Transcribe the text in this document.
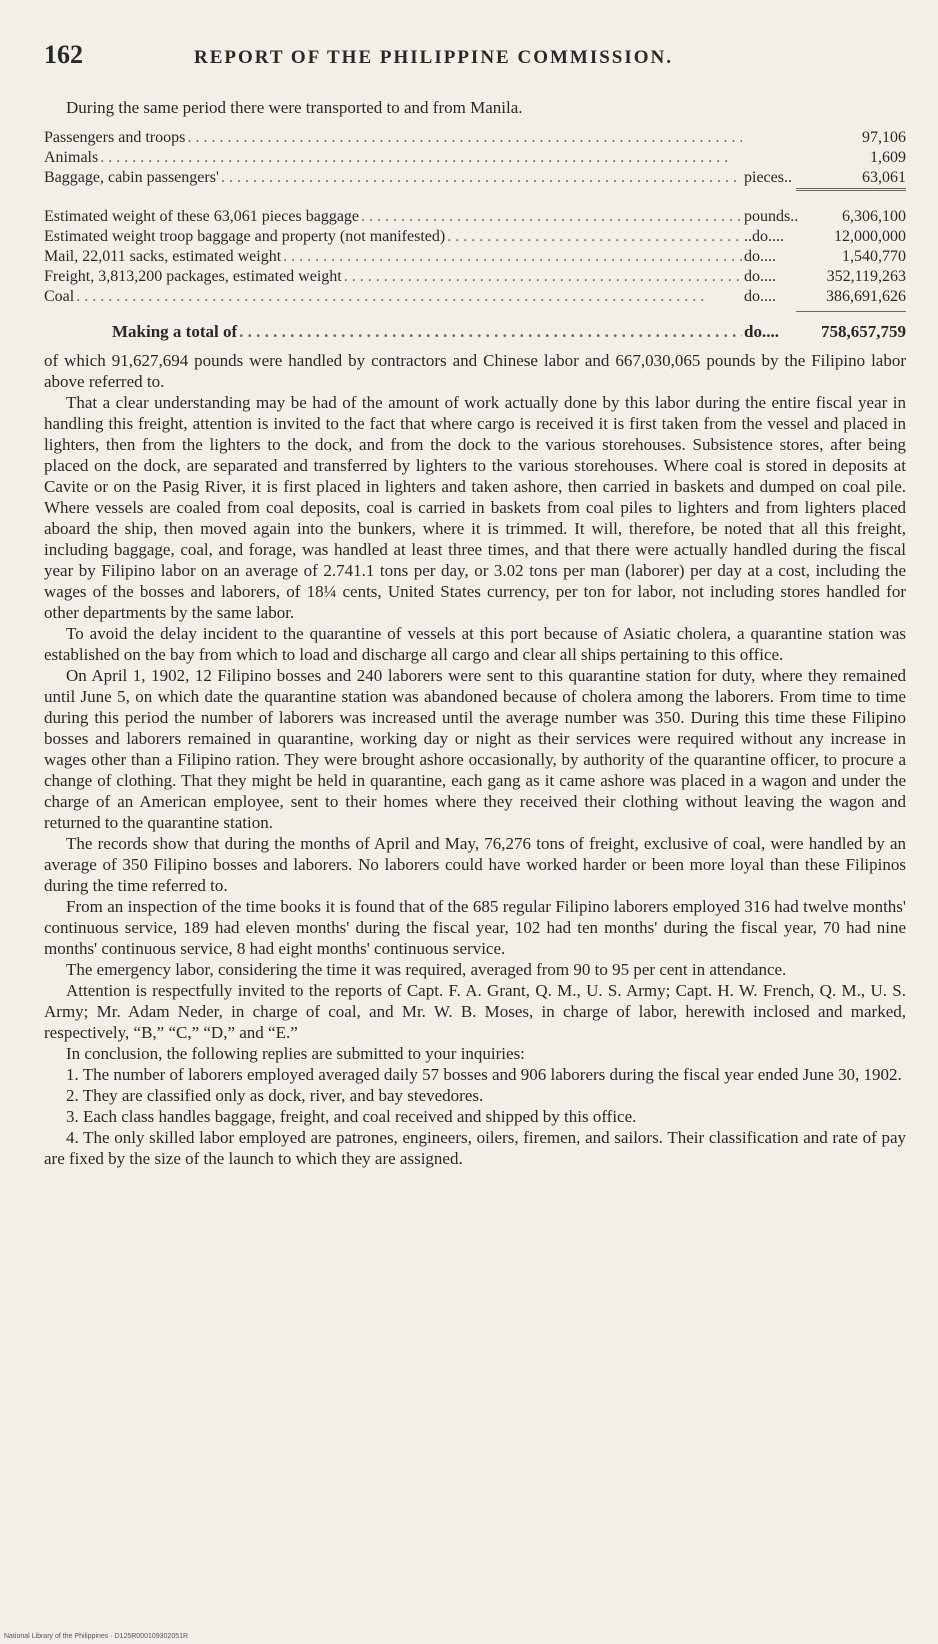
162	REPORT OF THE PHILIPPINE COMMISSION.
During the same period there were transported to and from Manila.
Passengers and troops . . .	97,106
Animals . . .	1,609
Baggage, cabin passengers' . . .	pieces..	63,061
Estimated weight of these 63,061 pieces baggage . . .	pounds..	6,306,100
Estimated weight troop baggage and property (not manifested) . . .	..do....	12,000,000
Mail, 22,011 sacks, estimated weight . . .	do....	1,540,770
Freight, 3,813,200 packages, estimated weight . . .	do....	352,119,263
Coal . . .	do....	386,691,626
Making a total of . . .	do....	758,657,759

of which 91,627,694 pounds were handled by contractors and Chinese labor and 667,030,065 pounds by the Filipino labor above referred to.

That a clear understanding may be had of the amount of work actually done by this labor during the entire fiscal year in handling this freight, attention is invited to the fact that where cargo is received it is first taken from the vessel and placed in lighters, then from the lighters to the dock, and from the dock to the various storehouses. Subsistence stores, after being placed on the dock, are separated and transferred by lighters to the various storehouses. Where coal is stored in deposits at Cavite or on the Pasig River, it is first placed in lighters and taken ashore, then carried in baskets and dumped on coal pile. Where vessels are coaled from coal deposits, coal is carried in baskets from coal piles to lighters and from lighters placed aboard the ship, then moved again into the bunkers, where it is trimmed. It will, therefore, be noted that all this freight, including baggage, coal, and forage, was handled at least three times, and that there were actually handled during the fiscal year by Filipino labor on an average of 2.741.1 tons per day, or 3.02 tons per man (laborer) per day at a cost, including the wages of the bosses and laborers, of 18¼ cents, United States currency, per ton for labor, not including stores handled for other departments by the same labor.

To avoid the delay incident to the quarantine of vessels at this port because of Asiatic cholera, a quarantine station was established on the bay from which to load and discharge all cargo and clear all ships pertaining to this office.

On April 1, 1902, 12 Filipino bosses and 240 laborers were sent to this quarantine station for duty, where they remained until June 5, on which date the quarantine station was abandoned because of cholera among the laborers. From time to time during this period the number of laborers was increased until the average number was 350. During this time these Filipino bosses and laborers remained in quarantine, working day or night as their services were required without any increase in wages other than a Filipino ration. They were brought ashore occasionally, by authority of the quarantine officer, to procure a change of clothing. That they might be held in quarantine, each gang as it came ashore was placed in a wagon and under the charge of an American employee, sent to their homes where they received their clothing without leaving the wagon and returned to the quarantine station.

The records show that during the months of April and May, 76,276 tons of freight, exclusive of coal, were handled by an average of 350 Filipino bosses and laborers. No laborers could have worked harder or been more loyal than these Filipinos during the time referred to.

From an inspection of the time books it is found that of the 685 regular Filipino laborers employed 316 had twelve months' continuous service, 189 had eleven months' during the fiscal year, 102 had ten months' during the fiscal year, 70 had nine months' continuous service, 8 had eight months' continuous service.

The emergency labor, considering the time it was required, averaged from 90 to 95 per cent in attendance.

Attention is respectfully invited to the reports of Capt. F. A. Grant, Q. M., U. S. Army; Capt. H. W. French, Q. M., U. S. Army; Mr. Adam Neder, in charge of coal, and Mr. W. B. Moses, in charge of labor, herewith inclosed and marked, respectively, “B,” “C,” “D,” and “E.”

In conclusion, the following replies are submitted to your inquiries:

1. The number of laborers employed averaged daily 57 bosses and 906 laborers during the fiscal year ended June 30, 1902.

2. They are classified only as dock, river, and bay stevedores.

3. Each class handles baggage, freight, and coal received and shipped by this office.

4. The only skilled labor employed are patrones, engineers, oilers, firemen, and sailors. Their classification and rate of pay are fixed by the size of the launch to which they are assigned.

National Library of the Philippines · D125R000109302051R
